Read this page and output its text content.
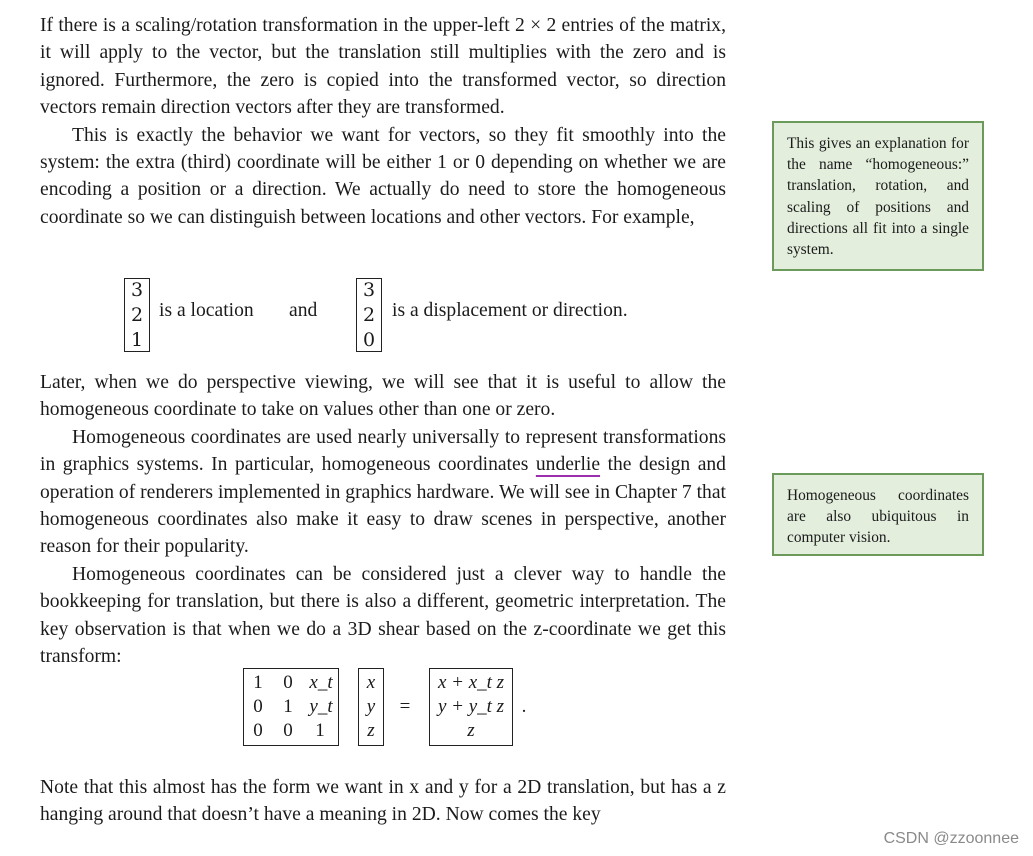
If there is a scaling/rotation transformation in the upper-left 2 × 2 entries of the matrix, it will apply to the vector, but the translation still multiplies with the zero and is ignored. Furthermore, the zero is copied into the transformed vector, so direction vectors remain direction vectors after they are transformed.

This is exactly the behavior we want for vectors, so they fit smoothly into the system: the extra (third) coordinate will be either 1 or 0 depending on whether we are encoding a position or a direction. We actually do need to store the homogeneous coordinate so we can distinguish between locations and other vectors. For example,

3
2
1
is a location and
3
2
0
is a displacement or direction.

Later, when we do perspective viewing, we will see that it is useful to allow the homogeneous coordinate to take on values other than one or zero.

Homogeneous coordinates are used nearly universally to represent transformations in graphics systems. In particular, homogeneous coordinates underlie the design and operation of renderers implemented in graphics hardware. We will see in Chapter 7 that homogeneous coordinates also make it easy to draw scenes in perspective, another reason for their popularity.

Homogeneous coordinates can be considered just a clever way to handle the bookkeeping for translation, but there is also a different, geometric interpretation. The key observation is that when we do a 3D shear based on the z-coordinate we get this transform:

1 0 x_t
0 1 y_t
0 0 1
x
y
z
=
x + x_t z
y + y_t z
z
.

Note that this almost has the form we want in x and y for a 2D translation, but has a z hanging around that doesn’t have a meaning in 2D. Now comes the key

This gives an explanation for the name “homogeneous:” translation, rotation, and scaling of positions and directions all fit into a single system.
Homogeneous coordinates are also ubiquitous in computer vision.
CSDN @zzoonnee
